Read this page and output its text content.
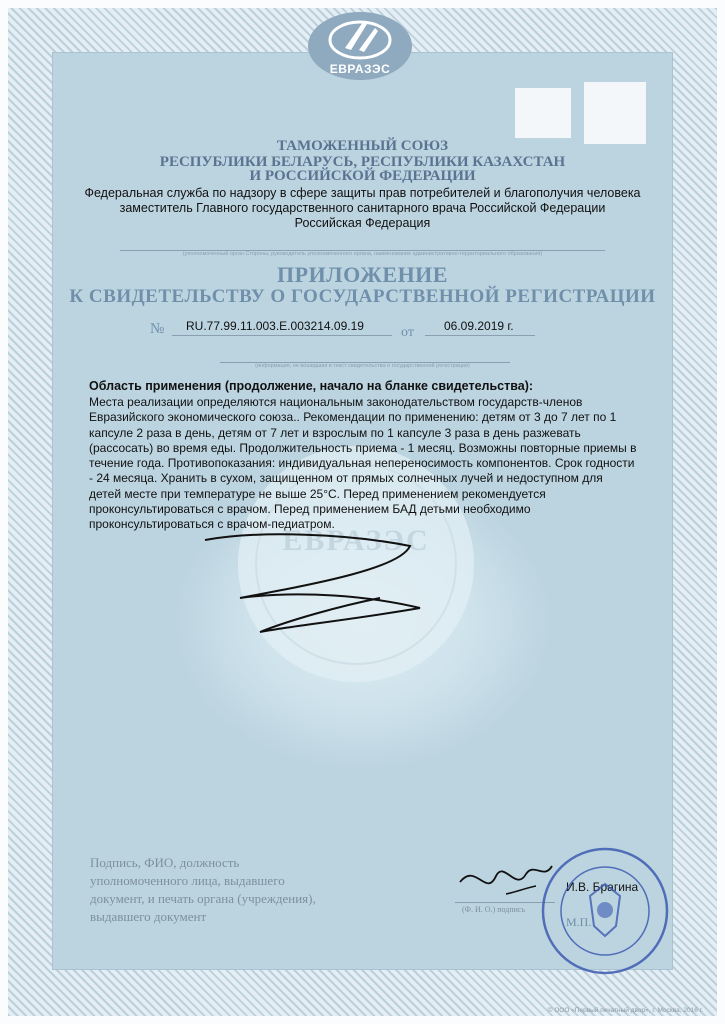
ЕВРАЗЭС
ТАМОЖЕННЫЙ СОЮЗ
РЕСПУБЛИКИ БЕЛАРУСЬ, РЕСПУБЛИКИ КАЗАХСТАН
И РОССИЙСКОЙ ФЕДЕРАЦИИ
Федеральная служба по надзору в сфере защиты прав потребителей и благополучия человека
заместитель Главного государственного санитарного врача Российской Федерации
Российская Федерация
(уполномоченный орган Стороны, руководитель уполномоченного органа, наименование административно-территориального образования)
ПРИЛОЖЕНИЕ
К СВИДЕТЕЛЬСТВУ О ГОСУДАРСТВЕННОЙ РЕГИСТРАЦИИ
№ RU.77.99.11.003.Е.003214.09.19	от	06.09.2019 г.
(информация, не вошедшая в текст свидетельства о государственной регистрации)
ЕВРАЗЭС
Область применения (продолжение, начало на бланке свидетельства):
Места реализации определяются национальным законодательством государств-членов Евразийского экономического союза.. Рекомендации по применению: детям от 3 до 7 лет по 1 капсуле 2 раза в день, детям от 7 лет и взрослым по 1 капсуле 3 раза в день разжевать (рассосать) во время еды. Продолжительность приема - 1 месяц. Возможны повторные приемы в течение года. Противопоказания: индивидуальная непереносимость компонентов. Срок годности - 24 месяца. Хранить в сухом, защищенном от прямых солнечных лучей и недоступном для детей месте при температуре не выше 25°С. Перед применением рекомендуется проконсультироваться с врачом. Перед применением БАД детьми необходимо проконсультироваться с врачом-педиатром.
Подпись, ФИО, должность уполномоченного лица, выдавшего документ, и печать органа (учреждения), выдавшего документ	(Ф. И. О.) подпись
И.В. Брагина
М.П.
© ООО «Первый печатный двор», г. Москва, 2016 г.
